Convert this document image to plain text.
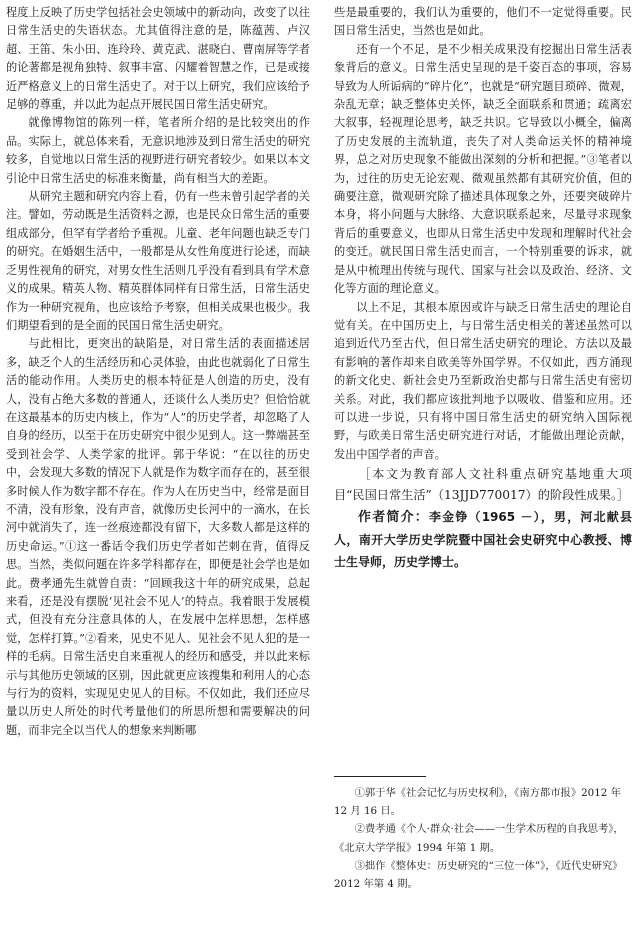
程度上反映了历史学包括社会史领域中的新动向，改变了以往日常生活史的失语状态。尤其值得注意的是，陈蕴茜、卢汉超、王笛、朱小田、连玲玲、黄克武、湛晓白、曹南屏等学者的论著都是视角独特、叙事丰富、闪耀着智慧之作，已是或接近严格意义上的日常生活史了。对于以上研究，我们应该给予足够的尊重，并以此为起点开展民国日常生活史研究。

就像博物馆的陈列一样，笔者所介绍的是比较突出的作品。实际上，就总体来看，无意识地涉及到日常生活史的研究较多，自觉地以日常生活的视野进行研究者较少。如果以本文引论中日常生活史的标准来衡量，尚有相当大的差距。

从研究主题和研究内容上看，仍有一些未曾引起学者的关注。譬如，劳动既是生活资料之源，也是民众日常生活的重要组成部分，但罕有学者给予重视。儿童、老年问题也缺乏专门的研究。在婚姻生活中，一般都是从女性角度进行论述，而缺乏男性视角的研究，对男女性生活则几乎没有看到具有学术意义的成果。精英人物、精英群体同样有日常生活，日常生活史作为一种研究视角，也应该给予考察，但相关成果也极少。我们期望看到的是全面的民国日常生活史研究。

与此相比，更突出的缺陷是，对日常生活的表面描述居多，缺乏个人的生活经历和心灵体验，由此也就弱化了日常生活的能动作用。人类历史的根本特征是人创造的历史，没有人，没有占绝大多数的普通人，还谈什么人类历史？但恰恰就在这最基本的历史内核上，作为“人”的历史学者，却忽略了人自身的经历，以至于在历史研究中很少见到人。这一弊端甚至受到社会学、人类学家的批评。郭于华说：“在以往的历史中，会发现大多数的情况下人就是作为数字而存在的，甚至很多时候人作为数字都不存在。作为人在历史当中，经常是面目不清，没有形象，没有声音，就像历史长河中的一滴水，在长河中就消失了，连一丝痕迹都没有留下，大多数人都是这样的历史命运。”①这一番话令我们历史学者如芒刺在背，值得反思。当然，类似问题在许多学科都存在，即便是社会学也是如此。费孝通先生就曾自责：“回顾我这十年的研究成果，总起来看，还是没有摆脱‘见社会不见人’的特点。我着眼于发展模式，但没有充分注意具体的人，在发展中怎样思想，怎样感觉，怎样打算。”②看来，见史不见人、见社会不见人犯的是一样的毛病。日常生活史自来重视人的经历和感受，并以此来标示与其他历史领域的区别，因此就更应该搜集和利用人的心态与行为的资料，实现见史见人的目标。不仅如此，我们还应尽量以历史人所处的时代考量他们的所思所想和需要解决的问题，而非完全以当代人的想象来判断哪

些是最重要的，我们认为重要的，他们不一定觉得重要。民国日常生活史，当然也是如此。

还有一个不足，是不少相关成果没有挖掘出日常生活表象背后的意义。日常生活史呈现的是千姿百态的事项，容易导致为人所诟病的“碎片化”，也就是“研究题目琐碎、微观，杂乱无章；缺乏整体史关怀，缺乏全面联系和贯通；疏离宏大叙事，轻视理论思考，缺乏共识。它导致以小概全，偏离了历史发展的主流轨道，丧失了对人类命运关怀的精神境界，总之对历史现象不能做出深刻的分析和把握。”③笔者以为，过往的历史无论宏观、微观虽然都有其研究价值，但的确要注意，微观研究除了描述具体现象之外，还要突破碎片本身，将小问题与大脉络、大意识联系起来，尽量寻求现象背后的重要意义，也即从日常生活史中发现和理解时代社会的变迁。就民国日常生活史而言，一个特别重要的诉求，就是从中梳理出传统与现代、国家与社会以及政治、经济、文化等方面的理论意义。

以上不足，其根本原因或许与缺乏日常生活史的理论自觉有关。在中国历史上，与日常生活史相关的著述虽然可以追到近代乃至古代，但日常生活史研究的理论、方法以及最有影响的著作却来自欧美等外国学界。不仅如此，西方涌现的新文化史、新社会史乃至新政治史都与日常生活史有密切关系。对此，我们都应该批判地予以吸收、借鉴和应用。还可以进一步说，只有将中国日常生活史的研究纳入国际视野，与欧美日常生活史研究进行对话，才能做出理论贡献，发出中国学者的声音。

［本文为教育部人文社科重点研究基地重大项目“民国日常生活”（13JJD770017）的阶段性成果。］

作者简介：李金铮（1965 －），男，河北献县人，南开大学历史学院暨中国社会史研究中心教授、博士生导师，历史学博士。

①郭于华《社会记忆与历史权利》，《南方都市报》2012 年 12 月 16 日。

②费孝通《个人·群众·社会——一生学术历程的自我思考》，《北京大学学报》1994 年第 1 期。

③拙作《整体史：历史研究的“三位一体”》，《近代史研究》2012 年第 4 期。
